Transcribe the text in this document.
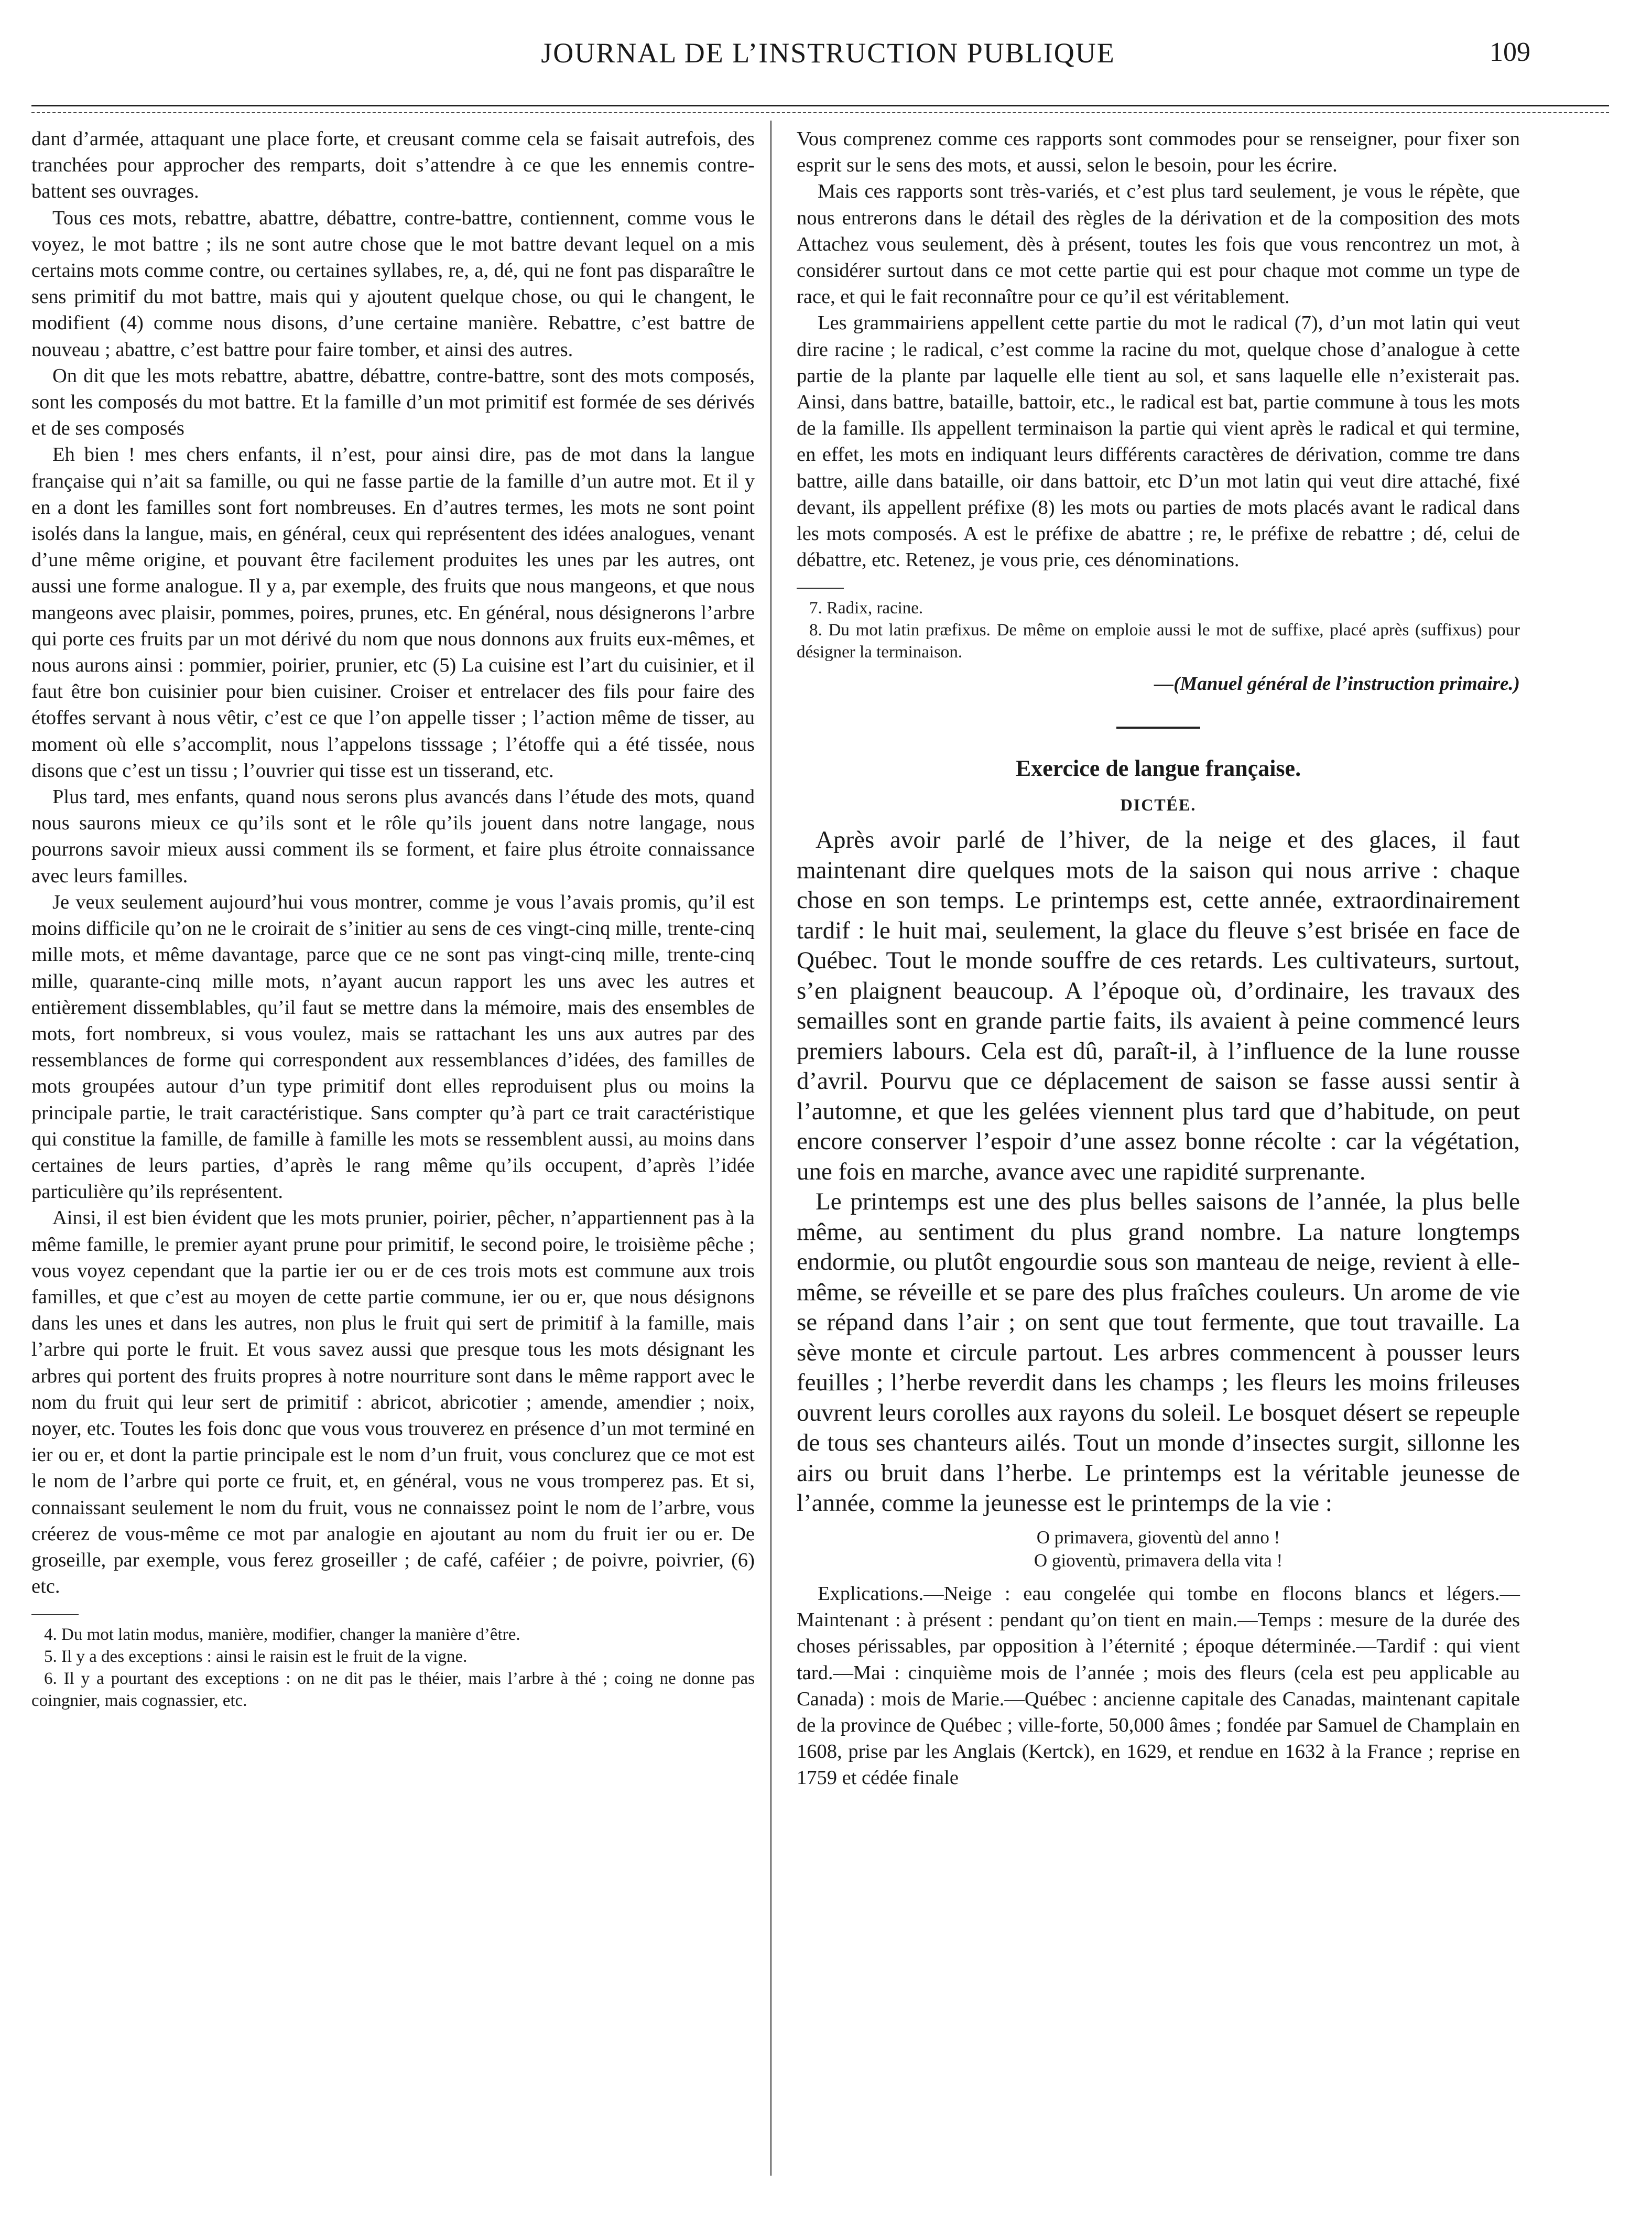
JOURNAL DE L’INSTRUCTION PUBLIQUE	109

dant d’armée, attaquant une place forte, et creusant comme cela se faisait autrefois, des tranchées pour approcher des remparts, doit s’attendre à ce que les ennemis contre-battent ses ouvrages.

Tous ces mots, rebattre, abattre, débattre, contre-battre, contiennent, comme vous le voyez, le mot battre ; ils ne sont autre chose que le mot battre devant lequel on a mis certains mots comme contre, ou certaines syllabes, re, a, dé, qui ne font pas disparaître le sens primitif du mot battre, mais qui y ajoutent quelque chose, ou qui le changent, le modifient (4) comme nous disons, d’une certaine manière. Rebattre, c’est battre de nouveau ; abattre, c’est battre pour faire tomber, et ainsi des autres.

On dit que les mots rebattre, abattre, débattre, contre-battre, sont des mots composés, sont les composés du mot battre. Et la famille d’un mot primitif est formée de ses dérivés et de ses composés

Eh bien ! mes chers enfants, il n’est, pour ainsi dire, pas de mot dans la langue française qui n’ait sa famille, ou qui ne fasse partie de la famille d’un autre mot. Et il y en a dont les familles sont fort nombreuses. En d’autres termes, les mots ne sont point isolés dans la langue, mais, en général, ceux qui représentent des idées analogues, venant d’une même origine, et pouvant être facilement produites les unes par les autres, ont aussi une forme analogue. Il y a, par exemple, des fruits que nous mangeons, et que nous mangeons avec plaisir, pommes, poires, prunes, etc. En général, nous désignerons l’arbre qui porte ces fruits par un mot dérivé du nom que nous donnons aux fruits eux-mêmes, et nous aurons ainsi : pommier, poirier, prunier, etc (5) La cuisine est l’art du cuisinier, et il faut être bon cuisinier pour bien cuisiner. Croiser et entrelacer des fils pour faire des étoffes servant à nous vêtir, c’est ce que l’on appelle tisser ; l’action même de tisser, au moment où elle s’accomplit, nous l’appelons tisssage ; l’étoffe qui a été tissée, nous disons que c’est un tissu ; l’ouvrier qui tisse est un tisserand, etc.

Plus tard, mes enfants, quand nous serons plus avancés dans l’étude des mots, quand nous saurons mieux ce qu’ils sont et le rôle qu’ils jouent dans notre langage, nous pourrons savoir mieux aussi comment ils se forment, et faire plus étroite connaissance avec leurs familles.

Je veux seulement aujourd’hui vous montrer, comme je vous l’avais promis, qu’il est moins difficile qu’on ne le croirait de s’initier au sens de ces vingt-cinq mille, trente-cinq mille mots, et même davantage, parce que ce ne sont pas vingt-cinq mille, trente-cinq mille, quarante-cinq mille mots, n’ayant aucun rapport les uns avec les autres et entièrement dissemblables, qu’il faut se mettre dans la mémoire, mais des ensembles de mots, fort nombreux, si vous voulez, mais se rattachant les uns aux autres par des ressemblances de forme qui correspondent aux ressemblances d’idées, des familles de mots groupées autour d’un type primitif dont elles reproduisent plus ou moins la principale partie, le trait caractéristique. Sans compter qu’à part ce trait caractéristique qui constitue la famille, de famille à famille les mots se ressemblent aussi, au moins dans certaines de leurs parties, d’après le rang même qu’ils occupent, d’après l’idée particulière qu’ils représentent.

Ainsi, il est bien évident que les mots prunier, poirier, pêcher, n’appartiennent pas à la même famille, le premier ayant prune pour primitif, le second poire, le troisième pêche ; vous voyez cependant que la partie ier ou er de ces trois mots est commune aux trois familles, et que c’est au moyen de cette partie commune, ier ou er, que nous désignons dans les unes et dans les autres, non plus le fruit qui sert de primitif à la famille, mais l’arbre qui porte le fruit. Et vous savez aussi que presque tous les mots désignant les arbres qui portent des fruits propres à notre nourriture sont dans le même rapport avec le nom du fruit qui leur sert de primitif : abricot, abricotier ; amende, amendier ; noix, noyer, etc. Toutes les fois donc que vous vous trouverez en présence d’un mot terminé en ier ou er, et dont la partie principale est le nom d’un fruit, vous conclurez que ce mot est le nom de l’arbre qui porte ce fruit, et, en général, vous ne vous tromperez pas. Et si, connaissant seulement le nom du fruit, vous ne connaissez point le nom de l’arbre, vous créerez de vous-même ce mot par analogie en ajoutant au nom du fruit ier ou er. De groseille, par exemple, vous ferez groseiller ; de café, caféier ; de poivre, poivrier, (6) etc.

4. Du mot latin modus, manière, modifier, changer la manière d’être.

5. Il y a des exceptions : ainsi le raisin est le fruit de la vigne.

6. Il y a pourtant des exceptions : on ne dit pas le théier, mais l’arbre à thé ; coing ne donne pas coingnier, mais cognassier, etc.

Vous comprenez comme ces rapports sont commodes pour se renseigner, pour fixer son esprit sur le sens des mots, et aussi, selon le besoin, pour les écrire.

Mais ces rapports sont très-variés, et c’est plus tard seulement, je vous le répète, que nous entrerons dans le détail des règles de la dérivation et de la composition des mots Attachez vous seulement, dès à présent, toutes les fois que vous rencontrez un mot, à considérer surtout dans ce mot cette partie qui est pour chaque mot comme un type de race, et qui le fait reconnaître pour ce qu’il est véritablement.

Les grammairiens appellent cette partie du mot le radical (7), d’un mot latin qui veut dire racine ; le radical, c’est comme la racine du mot, quelque chose d’analogue à cette partie de la plante par laquelle elle tient au sol, et sans laquelle elle n’existerait pas. Ainsi, dans battre, bataille, battoir, etc., le radical est bat, partie commune à tous les mots de la famille. Ils appellent terminaison la partie qui vient après le radical et qui termine, en effet, les mots en indiquant leurs différents caractères de dérivation, comme tre dans battre, aille dans bataille, oir dans battoir, etc D’un mot latin qui veut dire attaché, fixé devant, ils appellent préfixe (8) les mots ou parties de mots placés avant le radical dans les mots composés. A est le préfixe de abattre ; re, le préfixe de rebattre ; dé, celui de débattre, etc. Retenez, je vous prie, ces dénominations.

7. Radix, racine.

8. Du mot latin præfixus. De même on emploie aussi le mot de suffixe, placé après (suffixus) pour désigner la terminaison.

—(Manuel général de l’instruction primaire.)

Exercice de langue française.

DICTÉE.

Après avoir parlé de l’hiver, de la neige et des glaces, il faut maintenant dire quelques mots de la saison qui nous arrive : chaque chose en son temps. Le printemps est, cette année, extraordinairement tardif : le huit mai, seulement, la glace du fleuve s’est brisée en face de Québec. Tout le monde souffre de ces retards. Les cultivateurs, surtout, s’en plaignent beaucoup. A l’époque où, d’ordinaire, les travaux des semailles sont en grande partie faits, ils avaient à peine commencé leurs premiers labours. Cela est dû, paraît-il, à l’influence de la lune rousse d’avril. Pourvu que ce déplacement de saison se fasse aussi sentir à l’automne, et que les gelées viennent plus tard que d’habitude, on peut encore conserver l’espoir d’une assez bonne récolte : car la végétation, une fois en marche, avance avec une rapidité surprenante.

Le printemps est une des plus belles saisons de l’année, la plus belle même, au sentiment du plus grand nombre. La nature longtemps endormie, ou plutôt engourdie sous son manteau de neige, revient à elle-même, se réveille et se pare des plus fraîches couleurs. Un arome de vie se répand dans l’air ; on sent que tout fermente, que tout travaille. La sève monte et circule partout. Les arbres commencent à pousser leurs feuilles ; l’herbe reverdit dans les champs ; les fleurs les moins frileuses ouvrent leurs corolles aux rayons du soleil. Le bosquet désert se repeuple de tous ses chanteurs ailés. Tout un monde d’insectes surgit, sillonne les airs ou bruit dans l’herbe. Le printemps est la véritable jeunesse de l’année, comme la jeunesse est le printemps de la vie :

O primavera, gioventù del anno !
O gioventù, primavera della vita !

Explications.—Neige : eau congelée qui tombe en flocons blancs et légers.—Maintenant : à présent : pendant qu’on tient en main.—Temps : mesure de la durée des choses périssables, par opposition à l’éternité ; époque déterminée.—Tardif : qui vient tard.—Mai : cinquième mois de l’année ; mois des fleurs (cela est peu applicable au Canada) : mois de Marie.—Québec : ancienne capitale des Canadas, maintenant capitale de la province de Québec ; ville-forte, 50,000 âmes ; fondée par Samuel de Champlain en 1608, prise par les Anglais (Kertck), en 1629, et rendue en 1632 à la France ; reprise en 1759 et cédée finale
